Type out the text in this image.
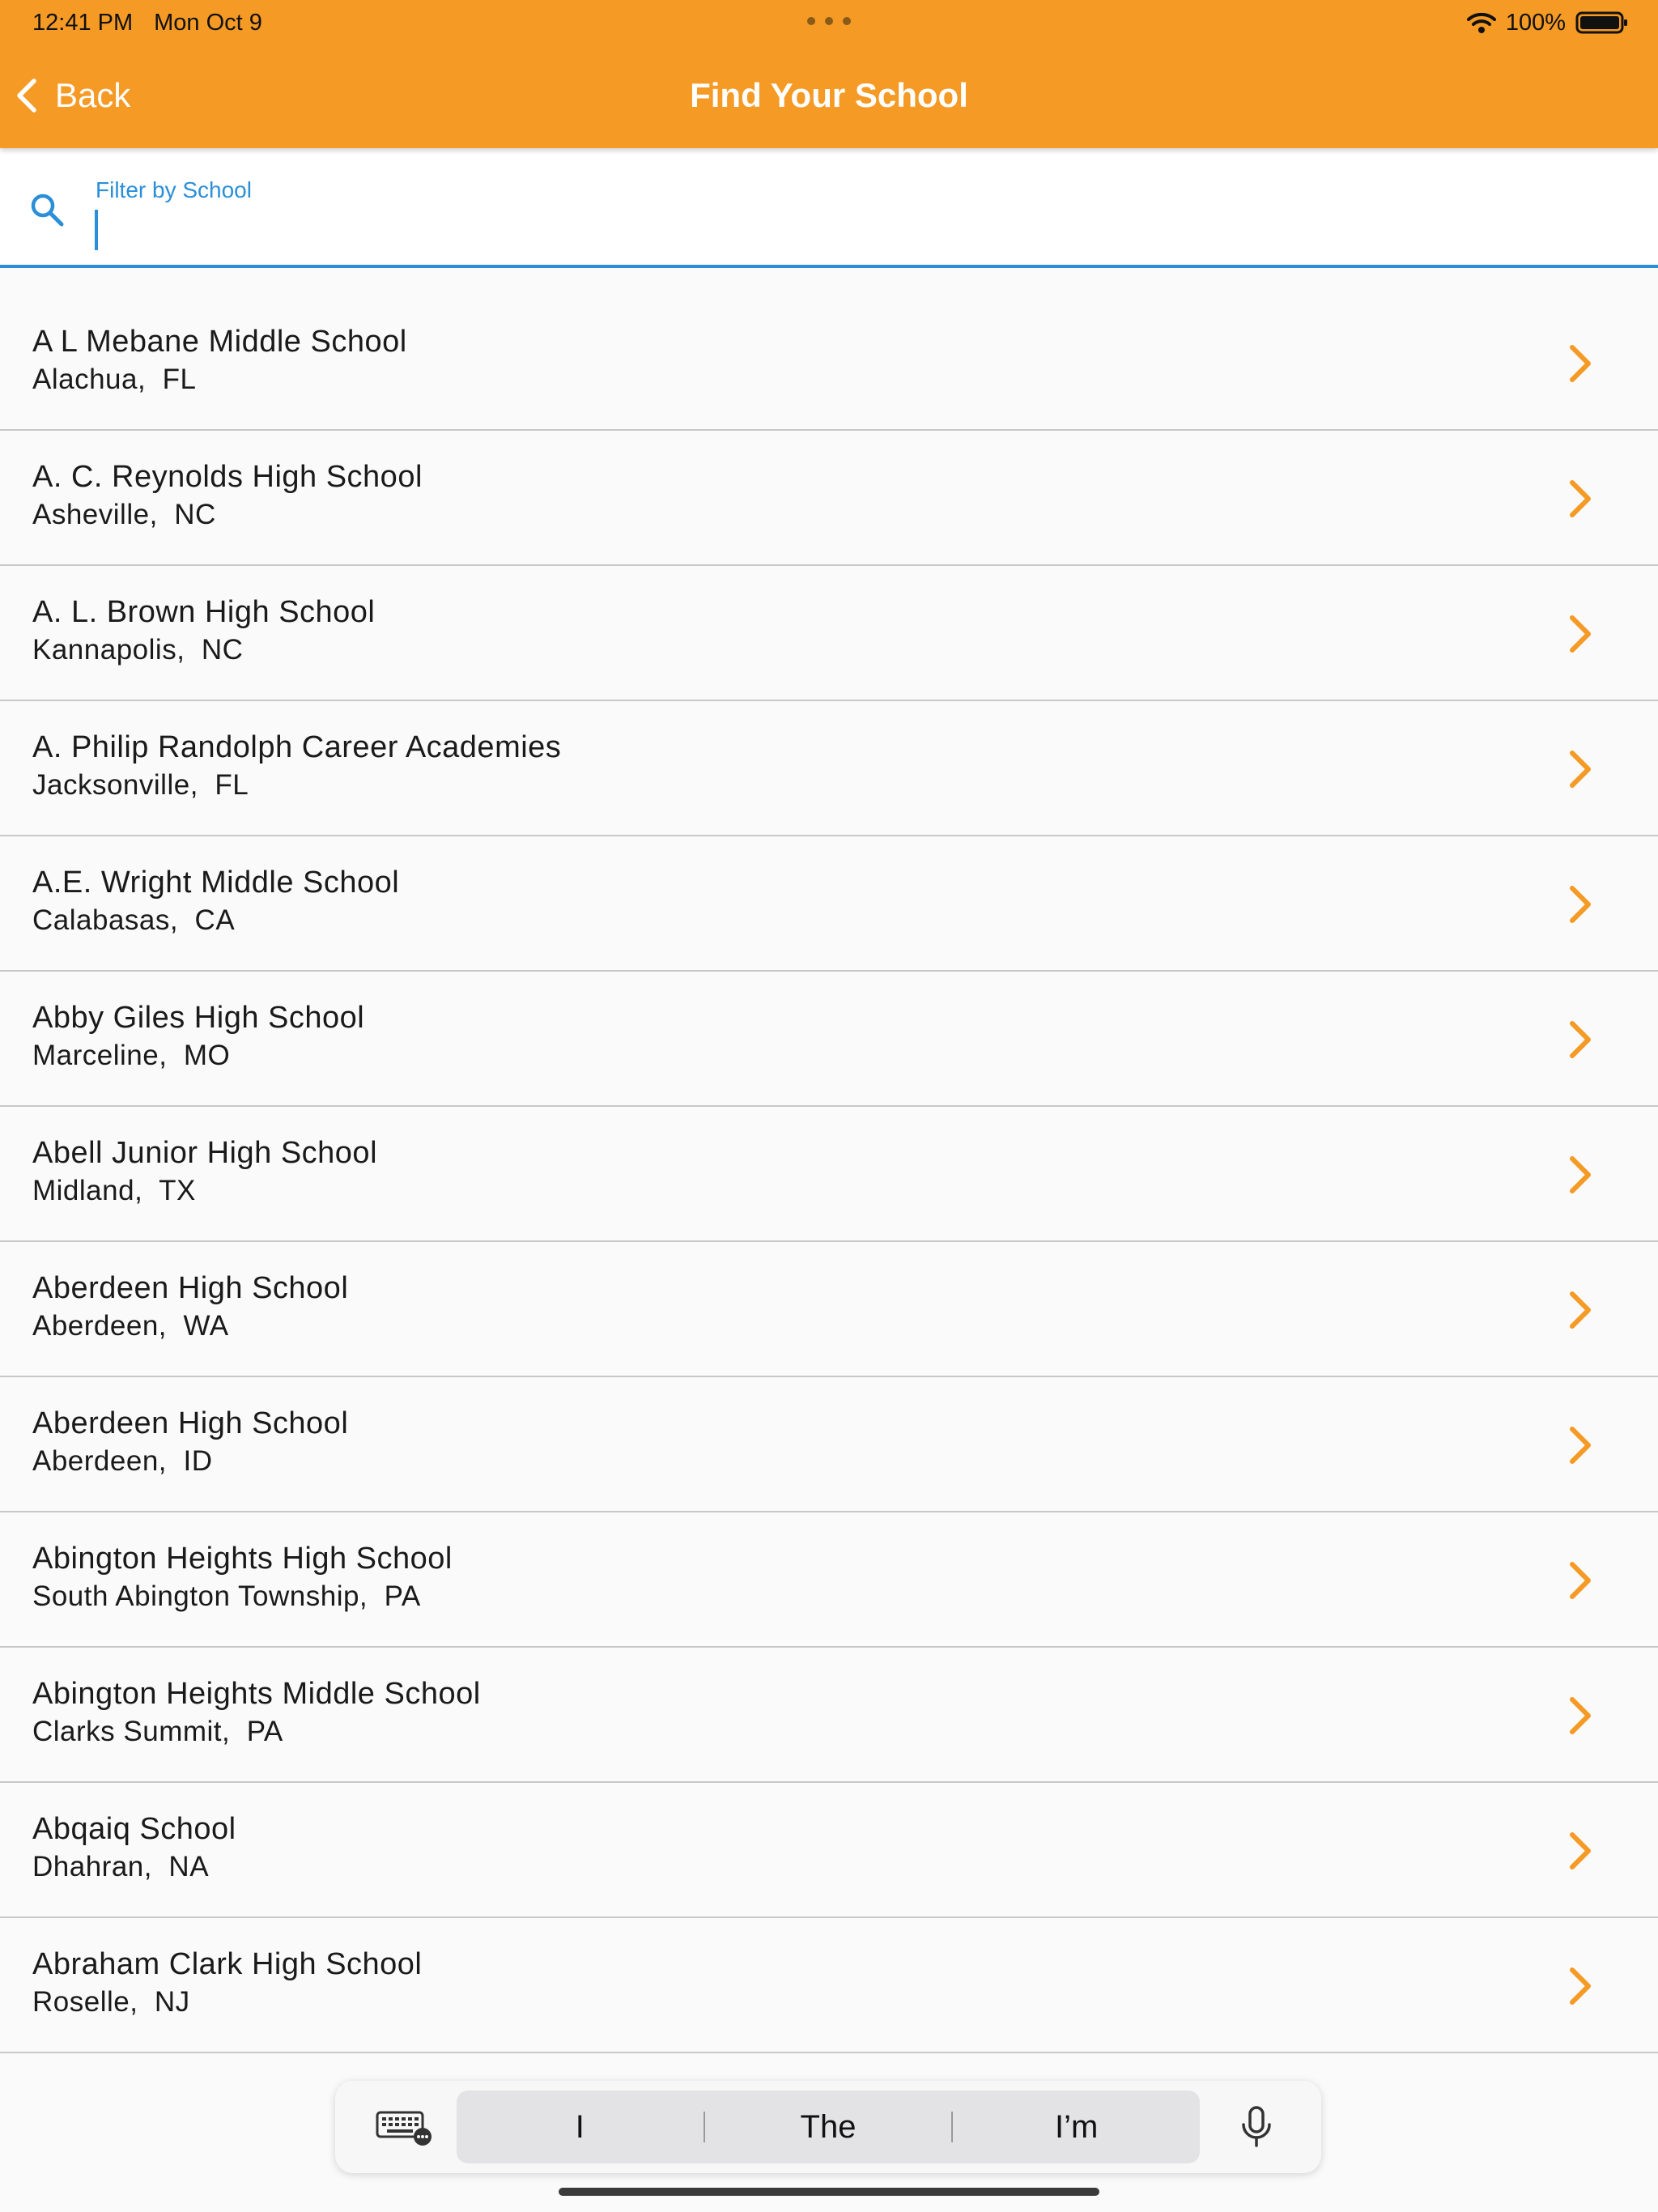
12:41 PM Mon Oct 9	100%
Back	Find Your School
Filter by School
A L Mebane Middle School
Alachua,  FL
A. C. Reynolds High School
Asheville,  NC
A. L. Brown High School
Kannapolis,  NC
A. Philip Randolph Career Academies
Jacksonville,  FL
A.E. Wright Middle School
Calabasas,  CA
Abby Giles High School
Marceline,  MO
Abell Junior High School
Midland,  TX
Aberdeen High School
Aberdeen,  WA
Aberdeen High School
Aberdeen,  ID
Abington Heights High School
South Abington Township,  PA
Abington Heights Middle School
Clarks Summit,  PA
Abqaiq School
Dhahran,  NA
Abraham Clark High School
Roselle,  NJ
I	The	I’m
